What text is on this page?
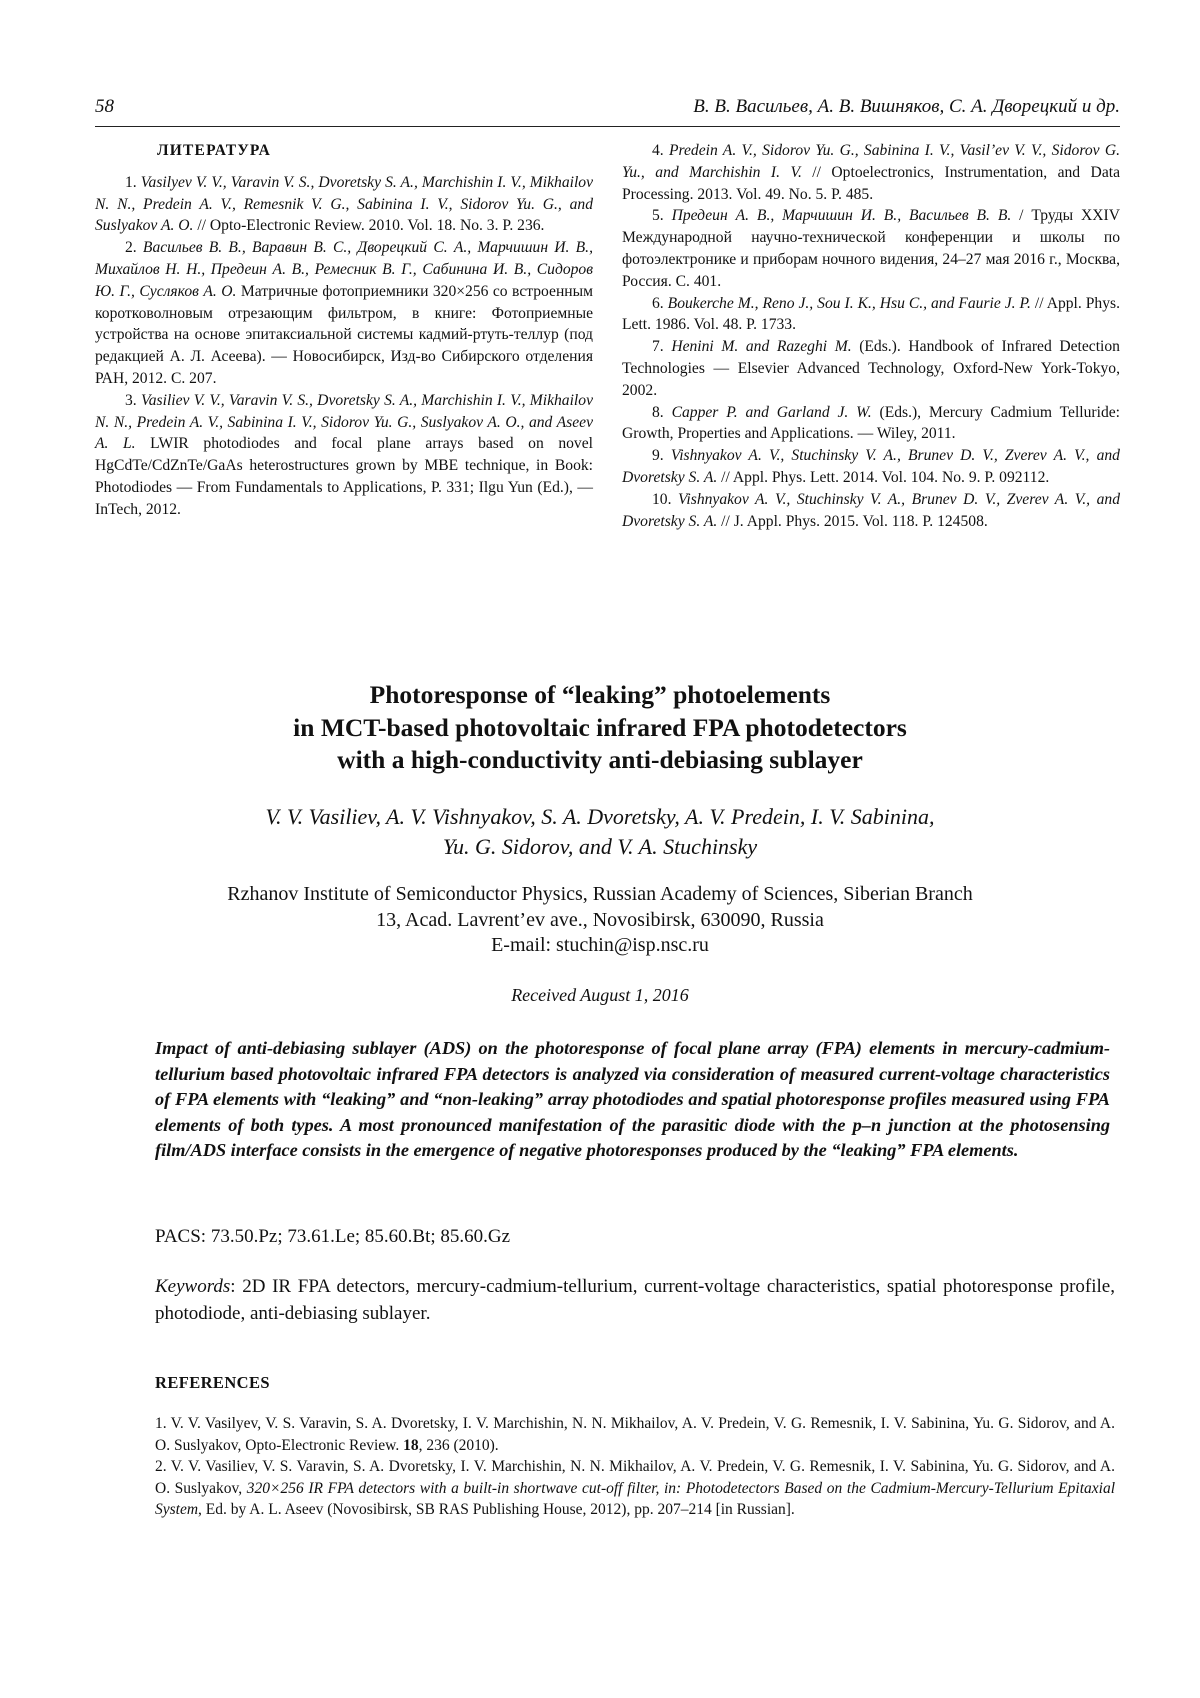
58	В. В. Васильев, А. В. Вишняков, С. А. Дворецкий и др.
ЛИТЕРАТУРА

1. Vasilyev V. V., Varavin V. S., Dvoretsky S. A., Marchishin I. V., Mikhailov N. N., Predein A. V., Remesnik V. G., Sabinina I. V., Sidorov Yu. G., and Suslyakov A. O. // Opto-Electronic Review. 2010. Vol. 18. No. 3. P. 236.

2. Васильев В. В., Варавин В. С., Дворецкий С. А., Марчишин И. В., Михайлов Н. Н., Предеин А. В., Ремесник В. Г., Сабинина И. В., Сидоров Ю. Г., Сусляков А. О. Матричные фотоприемники 320×256 со встроенным коротковолновым отрезающим фильтром, в книге: Фотоприемные устройства на основе эпитаксиальной системы кадмий-ртуть-теллур (под редакцией А. Л. Асеева). — Новосибирск, Изд-во Сибирского отделения РАН, 2012. С. 207.

3. Vasiliev V. V., Varavin V. S., Dvoretsky S. A., Marchishin I. V., Mikhailov N. N., Predein A. V., Sabinina I. V., Sidorov Yu. G., Suslyakov A. O., and Aseev A. L. LWIR photodiodes and focal plane arrays based on novel HgCdTe/CdZnTe/GaAs heterostructures grown by MBE technique, in Book: Photodiodes — From Fundamentals to Applications, P. 331; Ilgu Yun (Ed.), — InTech, 2012.

4. Predein A. V., Sidorov Yu. G., Sabinina I. V., Vasil’ev V. V., Sidorov G. Yu., and Marchishin I. V. // Optoelectronics, Instrumentation, and Data Processing. 2013. Vol. 49. No. 5. P. 485.

5. Предеин А. В., Марчишин И. В., Васильев В. В. / Труды XXIV Международной научно-технической конференции и школы по фотоэлектронике и приборам ночного видения, 24–27 мая 2016 г., Москва, Россия. С. 401.

6. Boukerche M., Reno J., Sou I. K., Hsu C., and Faurie J. P. // Appl. Phys. Lett. 1986. Vol. 48. P. 1733.

7. Henini M. and Razeghi M. (Eds.). Handbook of Infrared Detection Technologies — Elsevier Advanced Technology, Oxford-New York-Tokyo, 2002.

8. Capper P. and Garland J. W. (Eds.), Mercury Cadmium Telluride: Growth, Properties and Applications. — Wiley, 2011.

9. Vishnyakov A. V., Stuchinsky V. A., Brunev D. V., Zverev A. V., and Dvoretsky S. A. // Appl. Phys. Lett. 2014. Vol. 104. No. 9. P. 092112.

10. Vishnyakov A. V., Stuchinsky V. A., Brunev D. V., Zverev A. V., and Dvoretsky S. A. // J. Appl. Phys. 2015. Vol. 118. P. 124508.

Photoresponse of “leaking” photoelements
in MCT-based photovoltaic infrared FPA photodetectors
with a high-conductivity anti-debiasing sublayer
V. V. Vasiliev, A. V. Vishnyakov, S. A. Dvoretsky, A. V. Predein, I. V. Sabinina,
Yu. G. Sidorov, and V. A. Stuchinsky
Rzhanov Institute of Semiconductor Physics, Russian Academy of Sciences, Siberian Branch
13, Acad. Lavrent’ev ave., Novosibirsk, 630090, Russia
E-mail: stuchin@isp.nsc.ru
Received August 1, 2016
Impact of anti-debiasing sublayer (ADS) on the photoresponse of focal plane array (FPA) elements in mercury-cadmium-tellurium based photovoltaic infrared FPA detectors is analyzed via consideration of measured current-voltage characteristics of FPA elements with “leaking” and “non-leaking” array photodiodes and spatial photoresponse profiles measured using FPA elements of both types. A most pronounced manifestation of the parasitic diode with the p–n junction at the photosensing film/ADS interface consists in the emergence of negative photoresponses produced by the “leaking” FPA elements.
PACS: 73.50.Pz; 73.61.Le; 85.60.Bt; 85.60.Gz
Keywords: 2D IR FPA detectors, mercury-cadmium-tellurium, current-voltage characteristics, spatial photoresponse profile, photodiode, anti-debiasing sublayer.
REFERENCES

1. V. V. Vasilyev, V. S. Varavin, S. A. Dvoretsky, I. V. Marchishin, N. N. Mikhailov, A. V. Predein, V. G. Remesnik, I. V. Sabinina, Yu. G. Sidorov, and A. O. Suslyakov, Opto-Electronic Review. 18, 236 (2010).

2. V. V. Vasiliev, V. S. Varavin, S. A. Dvoretsky, I. V. Marchishin, N. N. Mikhailov, A. V. Predein, V. G. Remesnik, I. V. Sabinina, Yu. G. Sidorov, and A. O. Suslyakov, 320×256 IR FPA detectors with a built-in shortwave cut-off filter, in: Photodetectors Based on the Cadmium-Mercury-Tellurium Epitaxial System, Ed. by A. L. Aseev (Novosibirsk, SB RAS Publishing House, 2012), pp. 207–214 [in Russian].
